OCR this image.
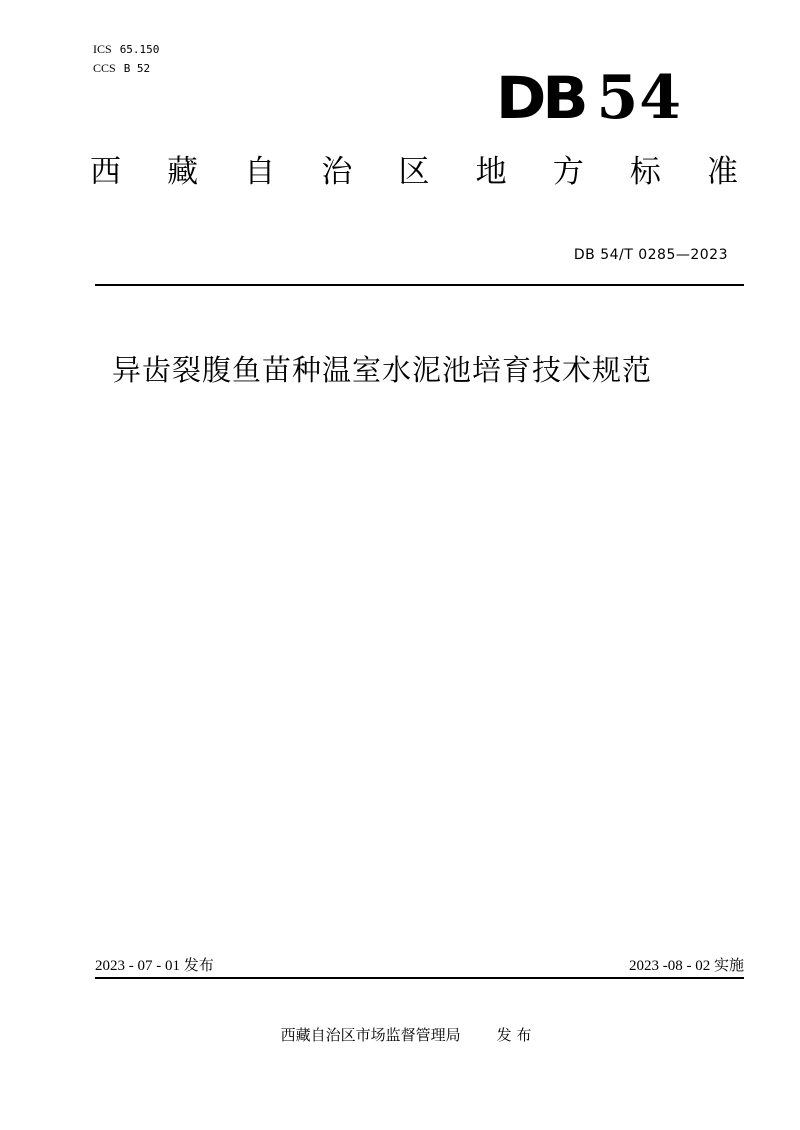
ICS 65.150
CCS B 52	DB 54
西 藏 自 治 区 地 方 标 准
DB 54/T 0285—2023
异齿裂腹鱼苗种温室水泥池培育技术规范
2023 - 07 - 01 发布	2023 -08 - 02 实施
西藏自治区市场监督管理局 发 布
